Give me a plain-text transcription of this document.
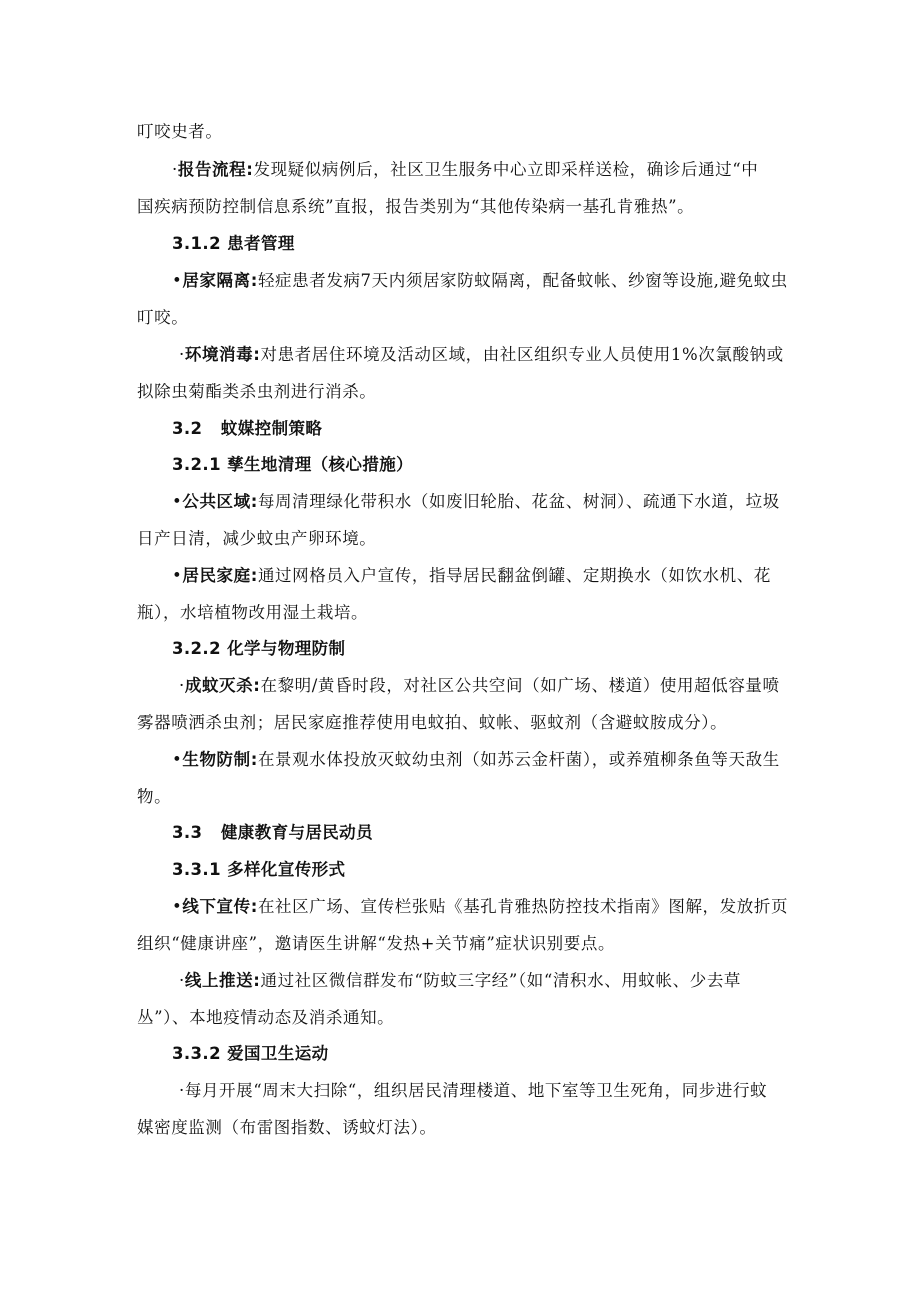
叮咬史者。
·报告流程:发现疑似病例后，社区卫生服务中心立即采样送检，确诊后通过“中
国疾病预防控制信息系统”直报，报告类别为“其他传染病一基孔肯雅热”。
3.1.2 患者管理
•居家隔离:轻症患者发病7天内须居家防蚊隔离，配备蚊帐、纱窗等设施,避免蚊虫
叮咬。
·环境消毒:对患者居住环境及活动区域，由社区组织专业人员使用1%次氯酸钠或
拟除虫菊酯类杀虫剂进行消杀。
3.2   蚊媒控制策略
3.2.1 孳生地清理（核心措施）
•公共区域:每周清理绿化带积水（如废旧轮胎、花盆、树洞）、疏通下水道，垃圾
日产日清，减少蚊虫产卵环境。
•居民家庭:通过网格员入户宣传，指导居民翻盆倒罐、定期换水（如饮水机、花
瓶），水培植物改用湿土栽培。
3.2.2 化学与物理防制
·成蚊灭杀:在黎明/黄昏时段，对社区公共空间（如广场、楼道）使用超低容量喷
雾器喷洒杀虫剂；居民家庭推荐使用电蚊拍、蚊帐、驱蚊剂（含避蚊胺成分）。
•生物防制:在景观水体投放灭蚊幼虫剂（如苏云金杆菌），或养殖柳条鱼等天敌生
物。
3.3   健康教育与居民动员
3.3.1 多样化宣传形式
•线下宣传:在社区广场、宣传栏张贴《基孔肯雅热防控技术指南》图解，发放折页
组织“健康讲座”，邀请医生讲解“发热+关节痛”症状识别要点。
·线上推送:通过社区微信群发布“防蚊三字经”（如“清积水、用蚊帐、少去草
丛”）、本地疫情动态及消杀通知。
3.3.2 爱国卫生运动
·每月开展“周末大扫除“，组织居民清理楼道、地下室等卫生死角，同步进行蚊
媒密度监测（布雷图指数、诱蚊灯法）。
